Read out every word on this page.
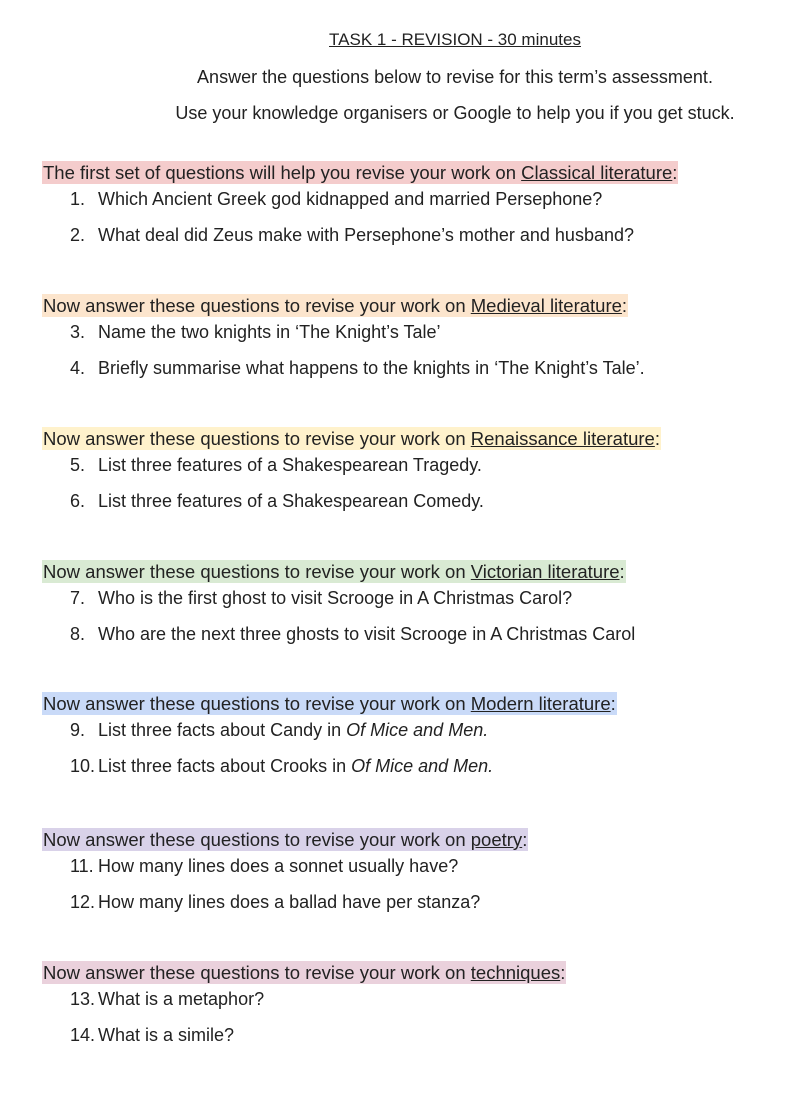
TASK 1 - REVISION - 30 minutes
Answer the questions below to revise for this term’s assessment.
Use your knowledge organisers or Google to help you if you get stuck.
The first set of questions will help you revise your work on Classical literature:
1. Which Ancient Greek god kidnapped and married Persephone?
2. What deal did Zeus make with Persephone’s mother and husband?
Now answer these questions to revise your work on Medieval literature:
3. Name the two knights in ‘The Knight’s Tale’
4. Briefly summarise what happens to the knights in ‘The Knight’s Tale’.
Now answer these questions to revise your work on Renaissance literature:
5. List three features of a Shakespearean Tragedy.
6. List three features of a Shakespearean Comedy.
Now answer these questions to revise your work on Victorian literature:
7. Who is the first ghost to visit Scrooge in A Christmas Carol?
8. Who are the next three ghosts to visit Scrooge in A Christmas Carol
Now answer these questions to revise your work on Modern literature:
9. List three facts about Candy in Of Mice and Men.
10. List three facts about Crooks in Of Mice and Men.
Now answer these questions to revise your work on poetry:
11. How many lines does a sonnet usually have?
12. How many lines does a ballad have per stanza?
Now answer these questions to revise your work on techniques:
13. What is a metaphor?
14. What is a simile?
